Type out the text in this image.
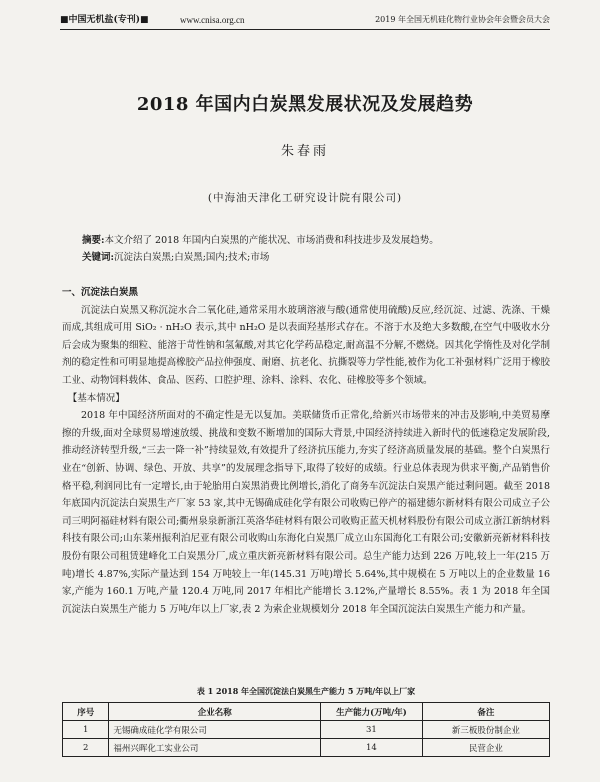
■中国无机盐(专刊)■	www.cnisa.org.cn	2019 年全国无机硅化物行业协会年会暨会员大会
2018 年国内白炭黑发展状况及发展趋势
朱春雨
(中海油天津化工研究设计院有限公司)
摘要:本文介绍了 2018 年国内白炭黑的产能状况、市场消费和科技进步及发展趋势。
关键词:沉淀法白炭黑;白炭黑;国内;技术;市场

一、沉淀法白炭黑

沉淀法白炭黑又称沉淀水合二氧化硅,通常采用水玻璃溶液与酸(通常使用硫酸)反应,经沉淀、过滤、洗涤、干燥而成,其组成可用 SiO₂ · nH₂O 表示,其中 nH₂O 是以表面羟基形式存在。不溶于水及绝大多数酸,在空气中吸收水分后会成为聚集的细粒、能溶于苛性钠和氢氟酸,对其它化学药品稳定,耐高温不分解,不燃烧。因其化学惰性及对化学制剂的稳定性和可明显地提高橡胶产品拉伸强度、耐磨、抗老化、抗撕裂等力学性能,被作为化工补强材料广泛用于橡胶工业、动物饲料载体、食品、医药、口腔护理、涂料、涂料、农化、硅橡胶等多个领域。

【基本情况】

2018 年中国经济所面对的不确定性是无以复加。美联储货币正常化,给新兴市场带来的冲击及影响,中美贸易摩擦的升级,面对全球贸易增速放缓、挑战和变数不断增加的国际大背景,中国经济持续进入新时代的低速稳定发展阶段,推动经济转型升级,“三去一降一补”持续显效,有效提升了经济抗压能力,夯实了经济高质量发展的基础。整个白炭黑行业在“创新、协调、绿色、开放、共享”的发展理念指导下,取得了较好的成绩。行业总体表现为供求平衡,产品销售价格平稳,利润同比有一定增长,由于轮胎用白炭黑消费比例增长,消化了商务车沉淀法白炭黑产能过剩问题。截至 2018 年底国内沉淀法白炭黑生产厂家 53 家,其中无锡确成硅化学有限公司收购已停产的福建德尔新材料有限公司成立子公司三明阿福硅材料有限公司;衢州泉泉新浙江英洛华硅材料有限公司收购正蓝天机材料股份有限公司成立浙江新纳材料科技有限公司;山东莱州振利泊尼亚有限公司收购山东海化白炭黑厂成立山东国海化工有限公司;安徽新亮新材料科技股份有限公司租赁建峰化工白炭黑分厂,成立重庆新亮新材料有限公司。总生产能力达到 226 万吨,较上一年(215 万吨)增长 4.87%,实际产量达到 154 万吨较上一年(145.31 万吨)增长 5.64%,其中规模在 5 万吨以上的企业数量 16 家,产能为 160.1 万吨,产量 120.4 万吨,同 2017 年相比产能增长 3.12%,产量增长 8.55%。表 1 为 2018 年全国沉淀法白炭黑生产能力 5 万吨/年以上厂家,表 2 为索企业规模划分 2018 年全国沉淀法白炭黑生产能力和产量。

表 1 2018 年全国沉淀法白炭黑生产能力 5 万吨/年以上厂家
序号	企业名称	生产能力(万吨/年)	备注
1	无锡确成硅化学有限公司	31	新三板股份制企业
2	福州兴晖化工实业公司	14	民营企业
